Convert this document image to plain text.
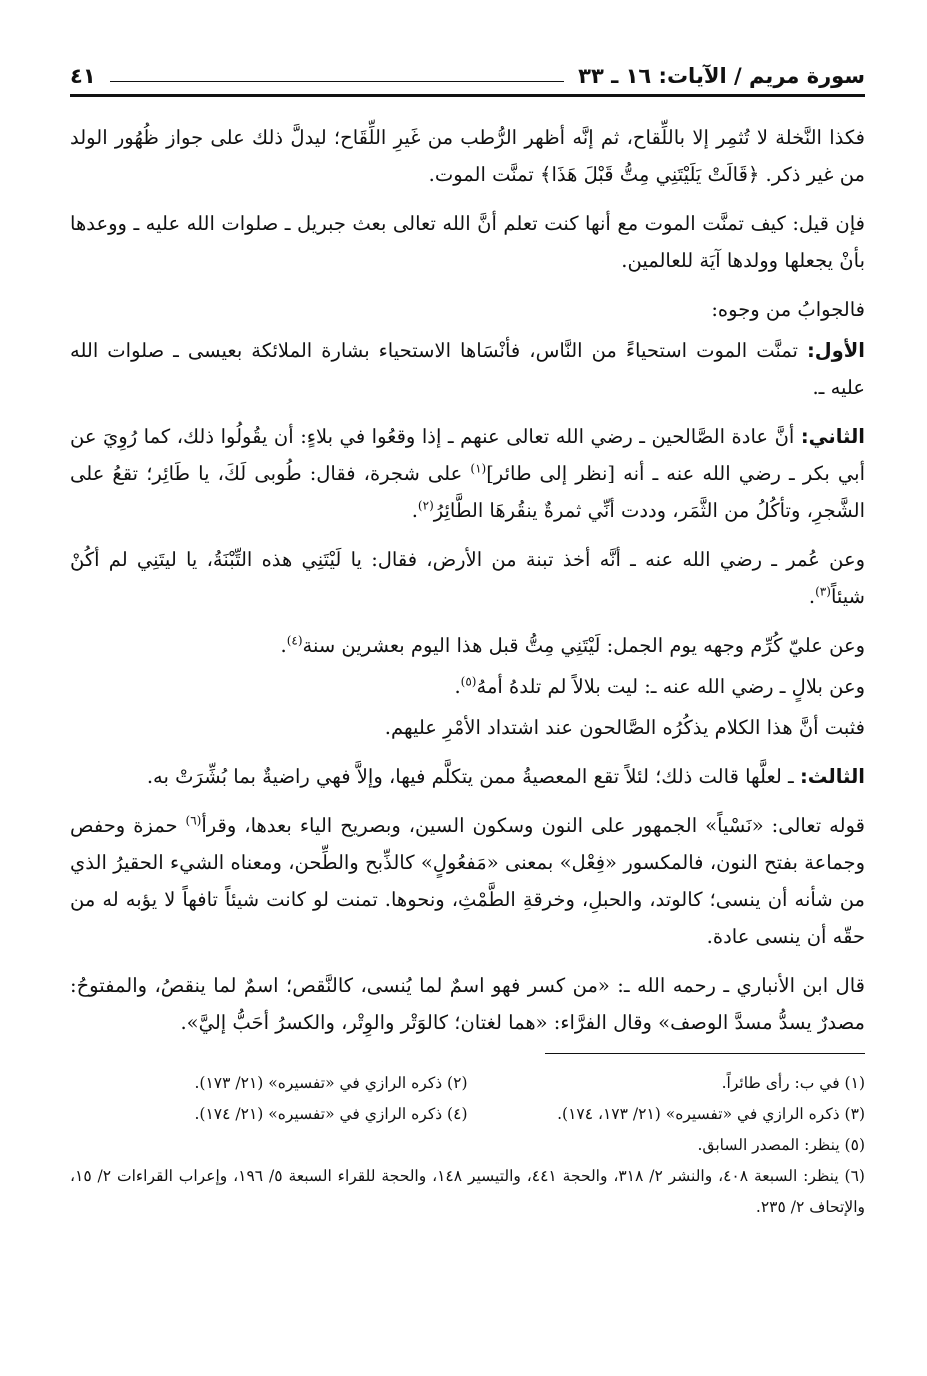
سورة مريم / الآيات: ١٦ ـ ٣٣
٤١

فكذا النَّخلة لا تُثمِر إلا باللِّقاح، ثم إنَّه أظهر الرُّطب من غَيرِ اللِّقَاح؛ ليدلَّ ذلك على جواز ظُهُور الولد من غير ذكر. ﴿قَالَتْ يَلَيْتَنِي مِتُّ قَبْلَ هَذَا﴾ تمنَّت الموت.

فإن قيل: كيف تمنَّت الموت مع أنها كنت تعلم أنَّ الله تعالى بعث جبريل ـ صلوات الله عليه ـ ووعدها بأنْ يجعلها وولدها آيَة للعالمين.

فالجوابُ من وجوه:

الأول: تمنَّت الموت استحياءً من النَّاس، فأنْسَاها الاستحياء بشارة الملائكة بعيسى ـ صلوات الله عليه ـ.

الثاني: أنَّ عادة الصَّالحين ـ رضي الله تعالى عنهم ـ إذا وقعُوا في بلاءٍ: أن يقُولُوا ذلك، كما رُوِيَ عن أبي بكر ـ رضي الله عنه ـ أنه [نظر إلى طائر]$^{(١)}$ على شجرة، فقال: طُوبى لَكَ، يا طَائِر؛ تقعُ على الشَّجرِ، وتأكُلُ من الثَّمَر، وددت أنِّي ثمرةٌ ينقُرهَا الطَّائِرُ$^{(٢)}$.

وعن عُمر ـ رضي الله عنه ـ أنَّه أخذ تبنة من الأرض، فقال: يا لَيْتَنِي هذه التِّبْنَةُ، يا ليتَنِي لم أكُنْ شيئاً$^{(٣)}$.

وعن عليّ كُرِّم وجهه يوم الجمل: لَيْتَنِي مِتُّ قبل هذا اليوم بعشرين سنة$^{(٤)}$.

وعن بلالٍ ـ رضي الله عنه ـ: ليت بلالاً لم تلدهُ أمهُ$^{(٥)}$.

فثبت أنَّ هذا الكلام يذكُرُه الصَّالحون عند اشتداد الأمْرِ عليهم.

الثالث: ـ لعلَّها قالت ذلك؛ لئلاً تقع المعصيةُ ممن يتكلَّم فيها، وإلاَّ فهي راضيةٌ بما بُشِّرَتْ به.

قوله تعالى: «نَسْياً» الجمهور على النون وسكون السين، وبصريح الياء بعدها، وقرأ$^{(٦)}$ حمزة وحفص وجماعة بفتح النون، فالمكسور «فِعْل» بمعنى «مَفعُولٍ» كالذِّبح والطِّحن، ومعناه الشيء الحقيرُ الذي من شأنه أن ينسى؛ كالوتد، والحبلِ، وخرقةِ الطَّمْثِ، ونحوها. تمنت لو كانت شيئاً تافهاً لا يؤبه له من حقّه أن ينسى عادة.

قال ابن الأنباري ـ رحمه الله ـ: «من كسر فهو اسمٌ لما يُنسى، كالنَّقص؛ اسمٌ لما ينقصُ، والمفتوحُ: مصدرٌ يسدُّ مسدَّ الوصف» وقال الفرَّاء: «هما لغتان؛ كالوَتْر والوِتْر، والكسرُ أحَبُّ إليَّ».

(١) في ب: رأى طائراً.
(٢) ذكره الرازي في «تفسيره» (٢١/ ١٧٣).
(٣) ذكره الرازي في «تفسيره» (٢١/ ١٧٣، ١٧٤).
(٤) ذكره الرازي في «تفسيره» (٢١/ ١٧٤).
(٥) ينظر: المصدر السابق.
(٦) ينظر: السبعة ٤٠٨، والنشر ٢/ ٣١٨، والحجة ٤٤١، والتيسير ١٤٨، والحجة للقراء السبعة ٥/ ١٩٦، وإعراب القراءات ٢/ ١٥، والإتحاف ٢/ ٢٣٥.
